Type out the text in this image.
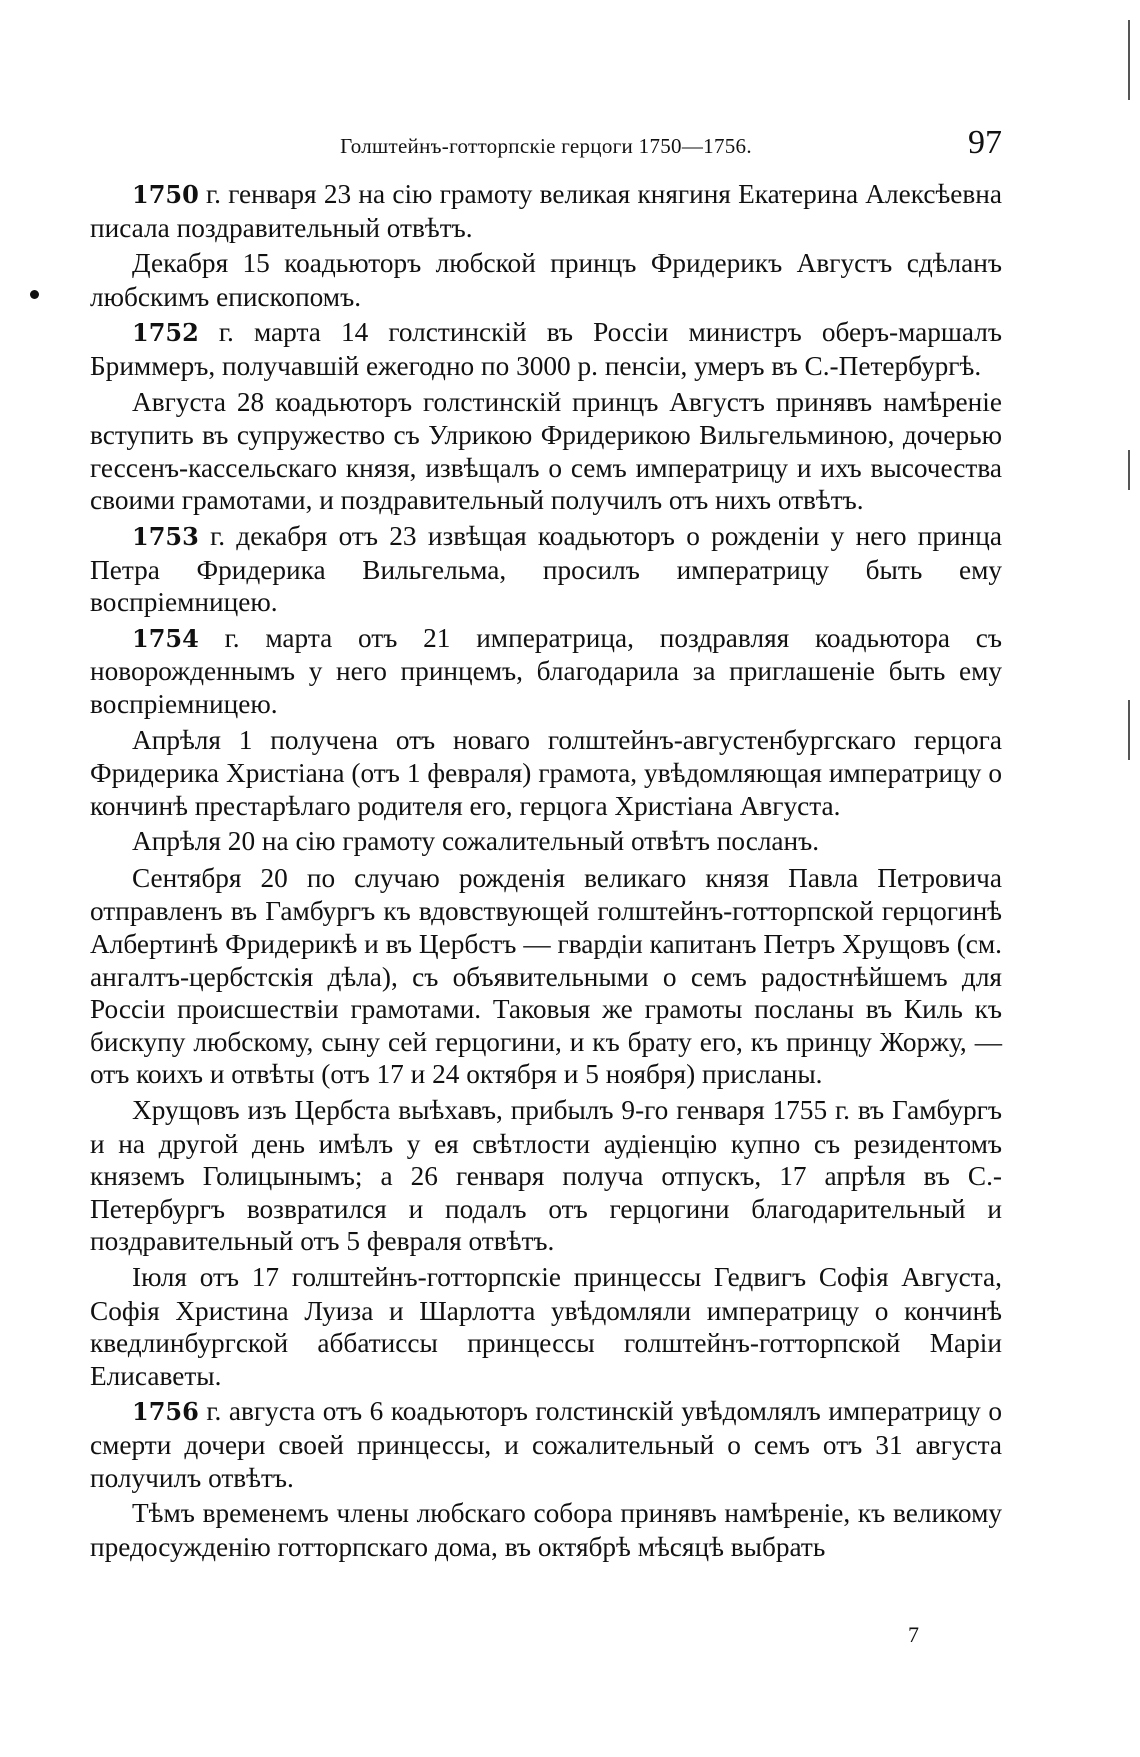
Голштейнъ-готторпскіе герцоги 1750—1756.	97

1750 г. генваря 23 на сію грамоту великая княгиня Екатерина Алексѣевна писала поздравительный отвѣтъ.

Декабря 15 коадьюторъ любской принцъ Фридерикъ Августъ сдѣланъ любскимъ епископомъ.

1752 г. марта 14 голстинскій въ Россіи министръ оберъ-маршалъ Бриммеръ, получавшій ежегодно по 3000 р. пенсіи, умеръ въ С.-Петербургѣ.

Августа 28 коадьюторъ голстинскій принцъ Августъ принявъ намѣреніе вступить въ супружество съ Улрикою Фридерикою Вильгельминою, дочерью гессенъ-кассельскаго князя, извѣщалъ о семъ императрицу и ихъ высочества своими грамотами, и поздравительный получилъ отъ нихъ отвѣтъ.

1753 г. декабря отъ 23 извѣщая коадьюторъ о рожденіи у него принца Петра Фридерика Вильгельма, просилъ императрицу быть ему воспріемницею.

1754 г. марта отъ 21 императрица, поздравляя коадьютора съ новорожденнымъ у него принцемъ, благодарила за приглашеніе быть ему воспріемницею.

Апрѣля 1 получена отъ новаго голштейнъ-августенбургскаго герцога Фридерика Христіана (отъ 1 февраля) грамота, увѣдомляющая императрицу о кончинѣ престарѣлаго родителя его, герцога Христіана Августа.

Апрѣля 20 на сію грамоту сожалительный отвѣтъ посланъ.

Сентября 20 по случаю рожденія великаго князя Павла Петровича отправленъ въ Гамбургъ къ вдовствующей голштейнъ-готторпской герцогинѣ Албертинѣ Фридерикѣ и въ Цербстъ — гвардіи капитанъ Петръ Хрущовъ (см. ангалтъ-цербстскія дѣла), съ объявительными о семъ радостнѣйшемъ для Россіи происшествіи грамотами. Таковыя же грамоты посланы въ Киль къ бискупу любскому, сыну сей герцогини, и къ брату его, къ принцу Жоржу, — отъ коихъ и отвѣты (отъ 17 и 24 октября и 5 ноября) присланы.

Хрущовъ изъ Цербста выѣхавъ, прибылъ 9-го генваря 1755 г. въ Гамбургъ и на другой день имѣлъ у ея свѣтлости аудіенцію купно съ резидентомъ княземъ Голицынымъ; а 26 генваря получа отпускъ, 17 апрѣля въ С.-Петербургъ возвратился и подалъ отъ герцогини благодарительный и поздравительный отъ 5 февраля отвѣтъ.

Іюля отъ 17 голштейнъ-готторпскіе принцессы Гедвигъ Софія Августа, Софія Христина Луиза и Шарлотта увѣдомляли императрицу о кончинѣ кведлинбургской аббатиссы принцессы голштейнъ-готторпской Маріи Елисаветы.

1756 г. августа отъ 6 коадьюторъ голстинскій увѣдомлялъ императрицу о смерти дочери своей принцессы, и сожалительный о семъ отъ 31 августа получилъ отвѣтъ.

Тѣмъ временемъ члены любскаго собора принявъ намѣреніе, къ великому предосужденію готторпскаго дома, въ октябрѣ мѣсяцѣ выбрать

7
